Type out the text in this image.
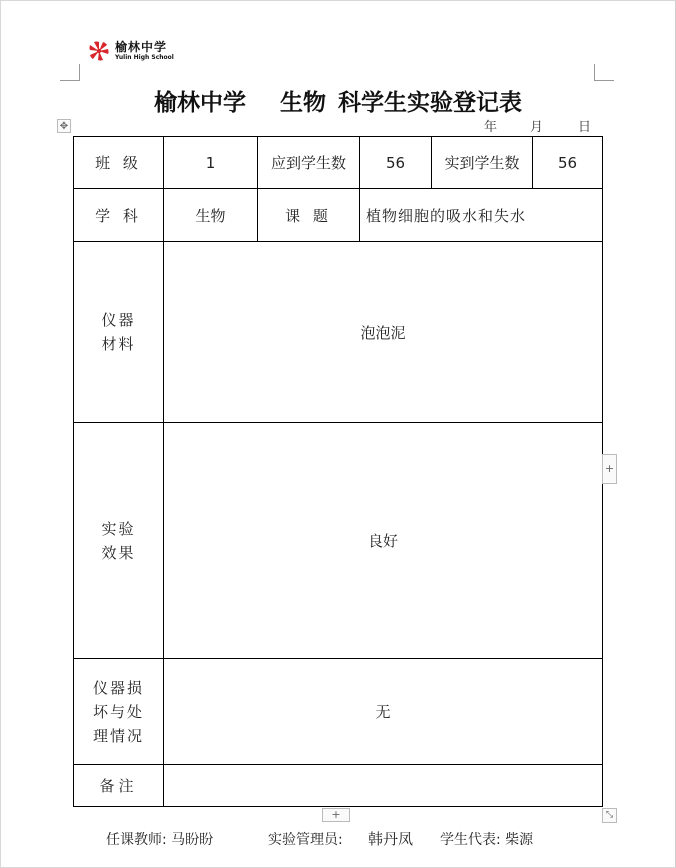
榆林中学
Yulin High School
榆林中学 生物 科学生实验登记表
年	月	日
✥
班 级	1	应到学生数	56	实到学生数	56
学 科	生物	课 题	植物细胞的吸水和失水		

仪器
材料	泡泡泥				

实验
效果	良好				

仪器损
坏与处
理情况	无				
备注					
+
+	⤡
任课教师: 马盼盼	实验管理员: 韩丹凤 学生代表: 柴源
